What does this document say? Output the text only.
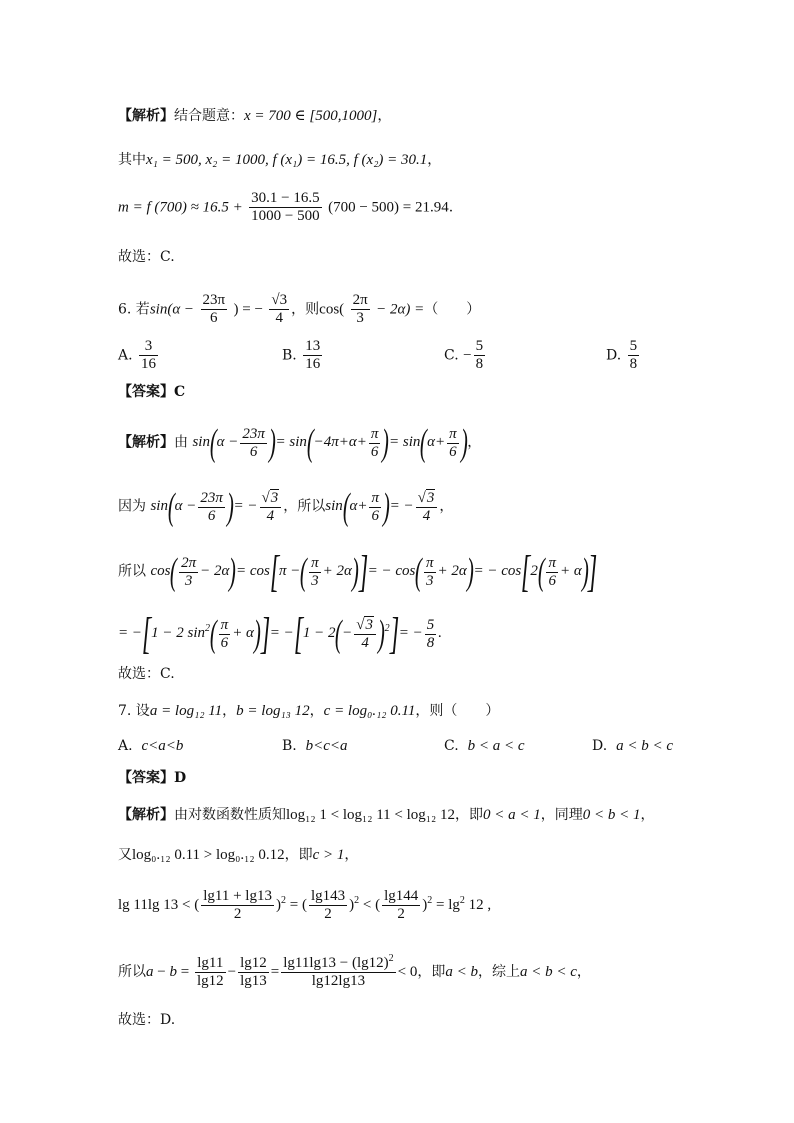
【解析】结合题意：x = 700 ∈ [500,1000]，
其中x₁ = 500, x₂ = 1000, f (x₁) = 16.5, f (x₂) = 30.1，
m = f $(700) \approx 16.5 + \frac{30.1 - 16.5}{1000 - 500} (700 - 500) = 21.94$.
故选：C.
6. 若$\sin(\alpha - \frac{23\pi}{6}$ ) = − $\frac{√3}{4}$ ，则$\cos( \frac{2\pi}{3} - 2\alpha)$ =（　　）
A. $\frac{3}{16}$	B. $\frac{13}{16}$	C. − $\frac{5}{8}$	D. $\frac{5}{8}$
【答案】C
【解析】由 $\sin(\alpha - \frac{23\pi}{6}$ )= $\sin(-4\pi+\alpha+ \frac{\pi}{6}$ )= $\sin(\alpha+ \frac{\pi}{6}$ )，
因为 $\sin(\alpha - \frac{23\pi}{6}$ )= − $\frac{√3}{4}$ ，所以$\sin(\alpha+ \frac{\pi}{6}$ )= − $\frac{√3}{4}$ ，
所以 $\cos( \frac{2\pi}{3} - 2\alpha)= \cos[\pi$ −( $\frac{\pi}{3} + 2\alpha)]= - \cos( \frac{\pi}{3} + 2\alpha)= - \cos[2( \frac{\pi}{6} + \alpha)]$
= −[1 − 2 $\sin^2( \frac{\pi}{6} + \alpha)]= -[1 - 2(- \frac{√3}{4} )^2]= - \frac{5}{8}$ .
故选：C.
7. 设a = log₁₂ 11，b = log₁₃ 12，c = log₀.₁₂ 0.11，则（　　）
A. c<a<b	B. b<c<a	C. b < a < c	D. a < b < c
【答案】D
【解析】由对数函数性质知log₁₂ 1 < log₁₂ 11 < log₁₂ 12，即0 < a < 1，同理0 < b < 1，
又log₀.₁₂ 0.11 > log₀.₁₂ 0.12，即c > 1，
lg 11lg 13 < ( $\frac{\lg 11 + \lg 13}{2} )^2$ = ( $\frac{\lg 143}{2} )^2$ < ( $\frac{\lg 144}{2} )^2 = \lg^2 12$ ,
所以$a - b = \frac{\lg 11}{\lg 12} - \frac{\lg 12}{\lg 13} = \frac{\lg 11\lg 13 - (\lg 12)^2}{\lg 12\lg 13} < 0$，即a < b，综上a < b < c，
故选：D.
